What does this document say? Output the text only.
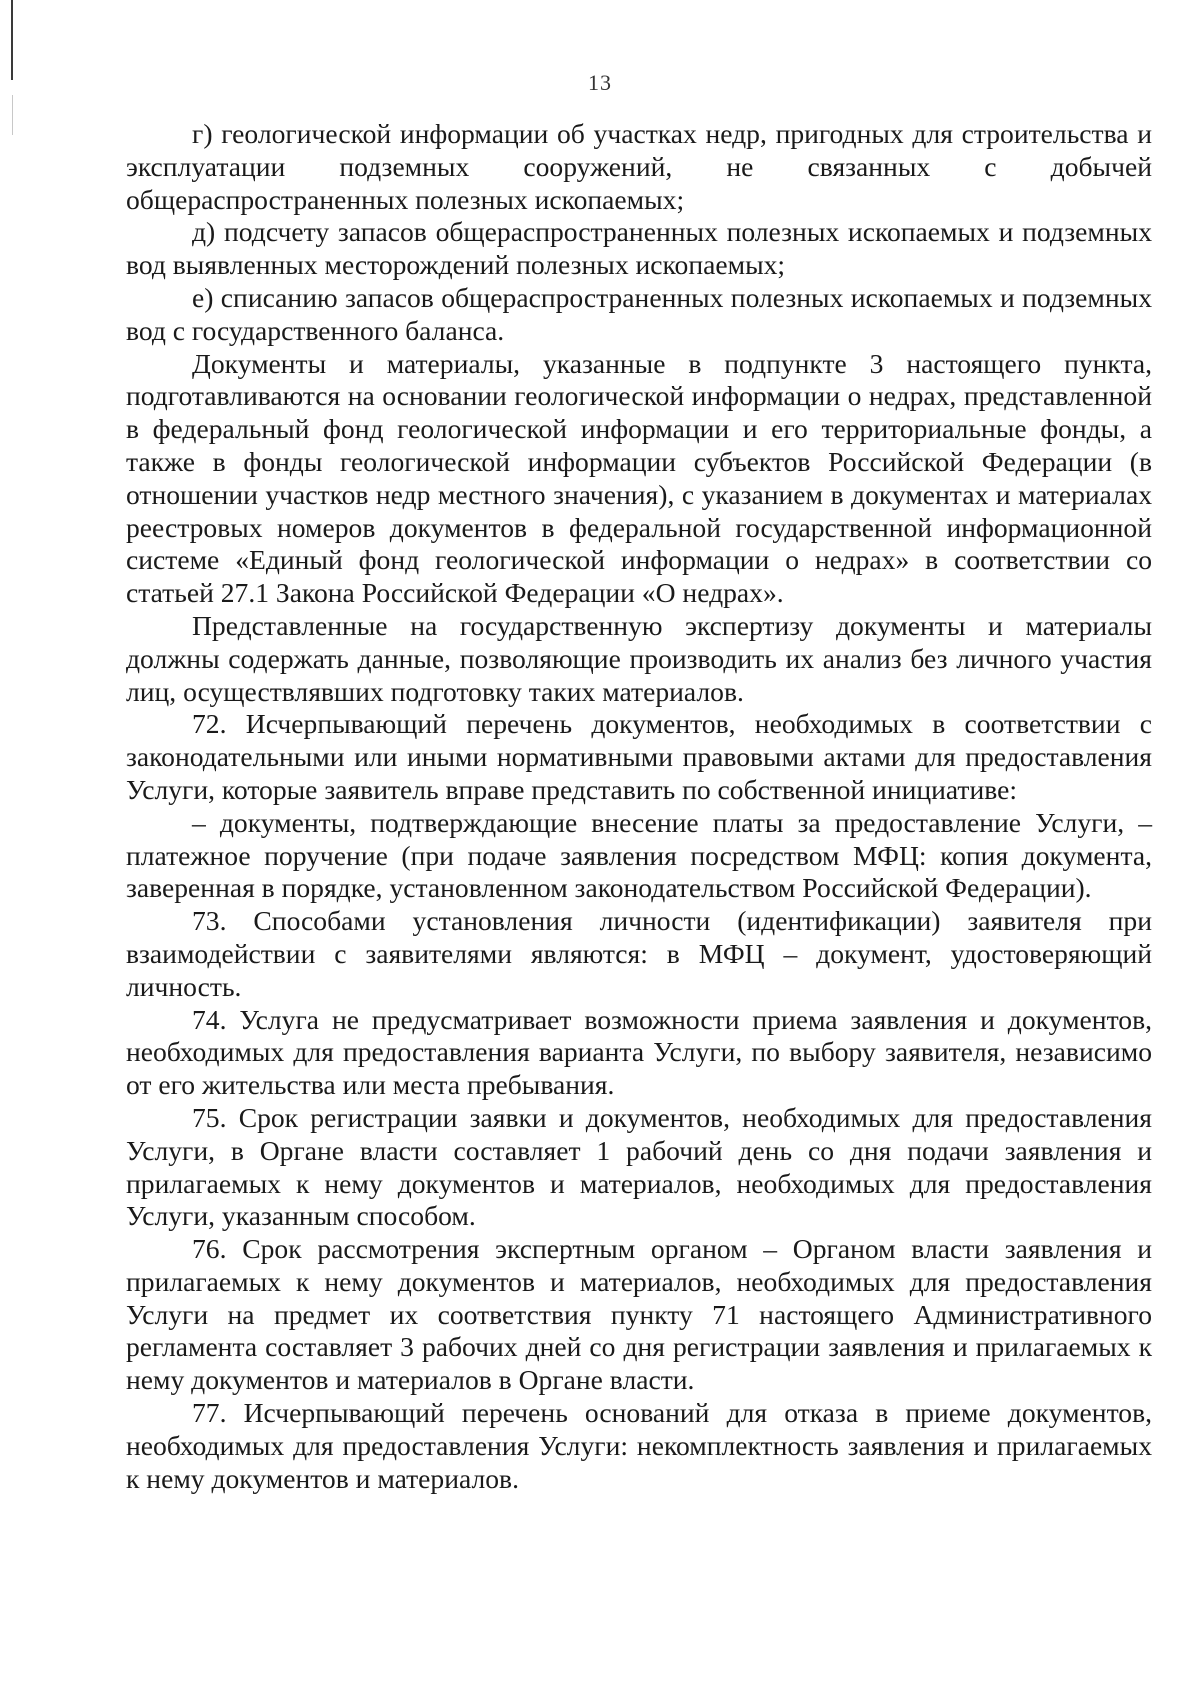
13

г) геологической информации об участках недр, пригодных для строительства и эксплуатации подземных сооружений, не связанных с добычей общераспространенных полезных ископаемых;

д) подсчету запасов общераспространенных полезных ископаемых и подземных вод выявленных месторождений полезных ископаемых;

е) списанию запасов общераспространенных полезных ископаемых и подземных вод с государственного баланса.

Документы и материалы, указанные в подпункте 3 настоящего пункта, подготавливаются на основании геологической информации о недрах, представленной в федеральный фонд геологической информации и его территориальные фонды, а также в фонды геологической информации субъектов Российской Федерации (в отношении участков недр местного значения), с указанием в документах и материалах реестровых номеров документов в федеральной государственной информационной системе «Единый фонд геологической информации о недрах» в соответствии со статьей 27.1 Закона Российской Федерации «О недрах».

Представленные на государственную экспертизу документы и материалы должны содержать данные, позволяющие производить их анализ без личного участия лиц, осуществлявших подготовку таких материалов.

72. Исчерпывающий перечень документов, необходимых в соответствии с законодательными или иными нормативными правовыми актами для предоставления Услуги, которые заявитель вправе представить по собственной инициативе:

– документы, подтверждающие внесение платы за предоставление Услуги, – платежное поручение (при подаче заявления посредством МФЦ: копия документа, заверенная в порядке, установленном законодательством Российской Федерации).

73. Способами установления личности (идентификации) заявителя при взаимодействии с заявителями являются: в МФЦ – документ, удостоверяющий личность.

74. Услуга не предусматривает возможности приема заявления и документов, необходимых для предоставления варианта Услуги, по выбору заявителя, независимо от его жительства или места пребывания.

75. Срок регистрации заявки и документов, необходимых для предоставления Услуги, в Органе власти составляет 1 рабочий день со дня подачи заявления и прилагаемых к нему документов и материалов, необходимых для предоставления Услуги, указанным способом.

76. Срок рассмотрения экспертным органом – Органом власти заявления и прилагаемых к нему документов и материалов, необходимых для предоставления Услуги на предмет их соответствия пункту 71 настоящего Административного регламента составляет 3 рабочих дней со дня регистрации заявления и прилагаемых к нему документов и материалов в Органе власти.

77. Исчерпывающий перечень оснований для отказа в приеме документов, необходимых для предоставления Услуги: некомплектность заявления и прилагаемых к нему документов и материалов.
